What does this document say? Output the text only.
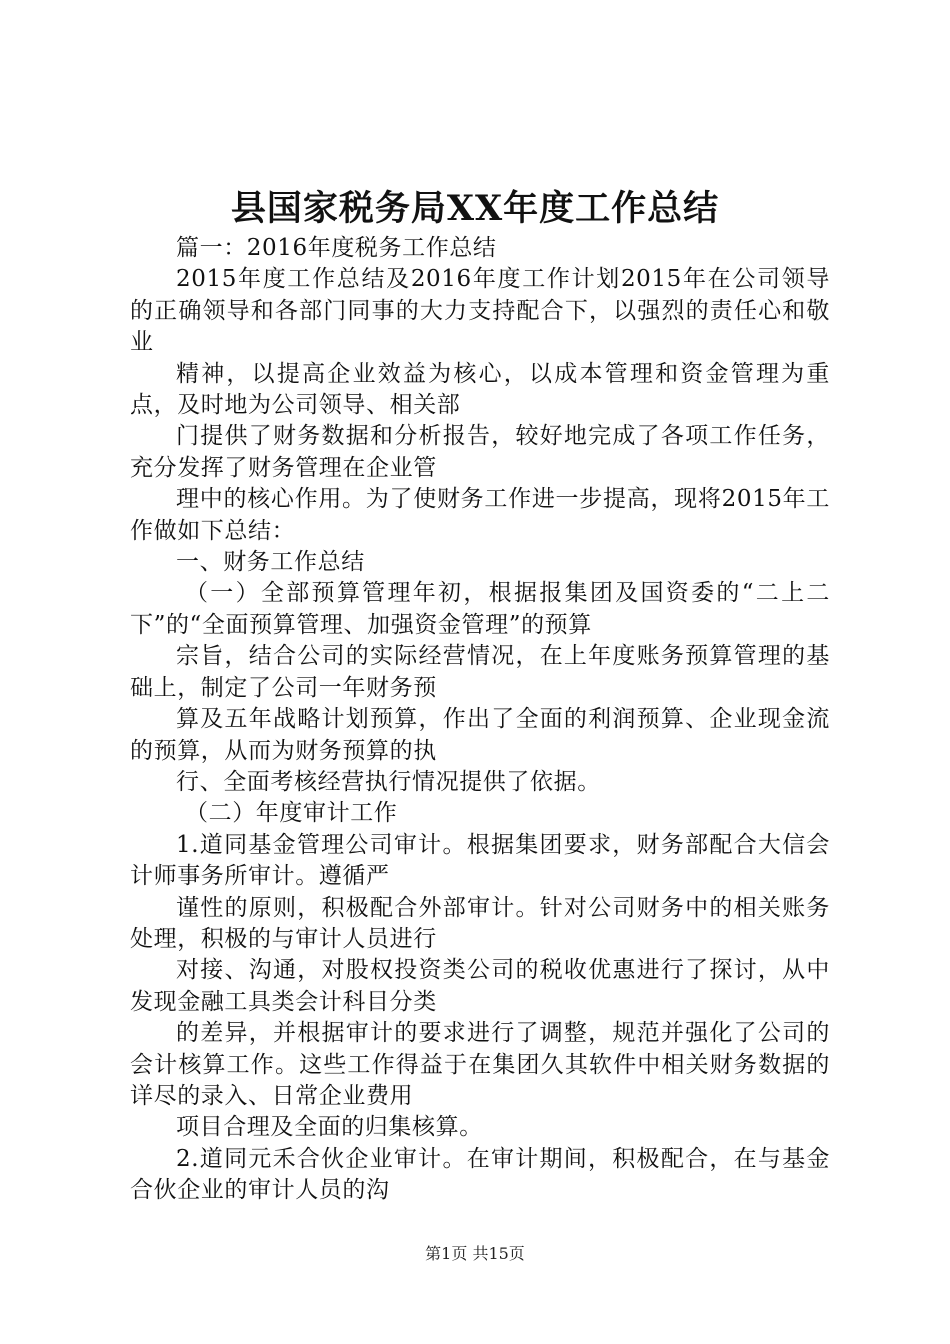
县国家税务局XX年度工作总结

篇一：2016年度税务工作总结

2015年度工作总结及2016年度工作计划2015年在公司领导的正确领导和各部门同事的大力支持配合下，以强烈的责任心和敬业

精神，以提高企业效益为核心，以成本管理和资金管理为重点，及时地为公司领导、相关部

门提供了财务数据和分析报告，较好地完成了各项工作任务，充分发挥了财务管理在企业管

理中的核心作用。为了使财务工作进一步提高，现将2015年工作做如下总结：

一、财务工作总结

（一）全部预算管理年初，根据报集团及国资委的“二上二下”的“全面预算管理、加强资金管理”的预算

宗旨，结合公司的实际经营情况，在上年度账务预算管理的基础上，制定了公司一年财务预

算及五年战略计划预算，作出了全面的利润预算、企业现金流的预算，从而为财务预算的执

行、全面考核经营执行情况提供了依据。

（二）年度审计工作

1.道同基金管理公司审计。根据集团要求，财务部配合大信会计师事务所审计。遵循严

谨性的原则，积极配合外部审计。针对公司财务中的相关账务处理，积极的与审计人员进行

对接、沟通，对股权投资类公司的税收优惠进行了探讨，从中发现金融工具类会计科目分类

的差异，并根据审计的要求进行了调整，规范并强化了公司的会计核算工作。这些工作得益于在集团久其软件中相关财务数据的详尽的录入、日常企业费用

项目合理及全面的归集核算。

2.道同元禾合伙企业审计。在审计期间，积极配合，在与基金合伙企业的审计人员的沟

第1页 共15页
